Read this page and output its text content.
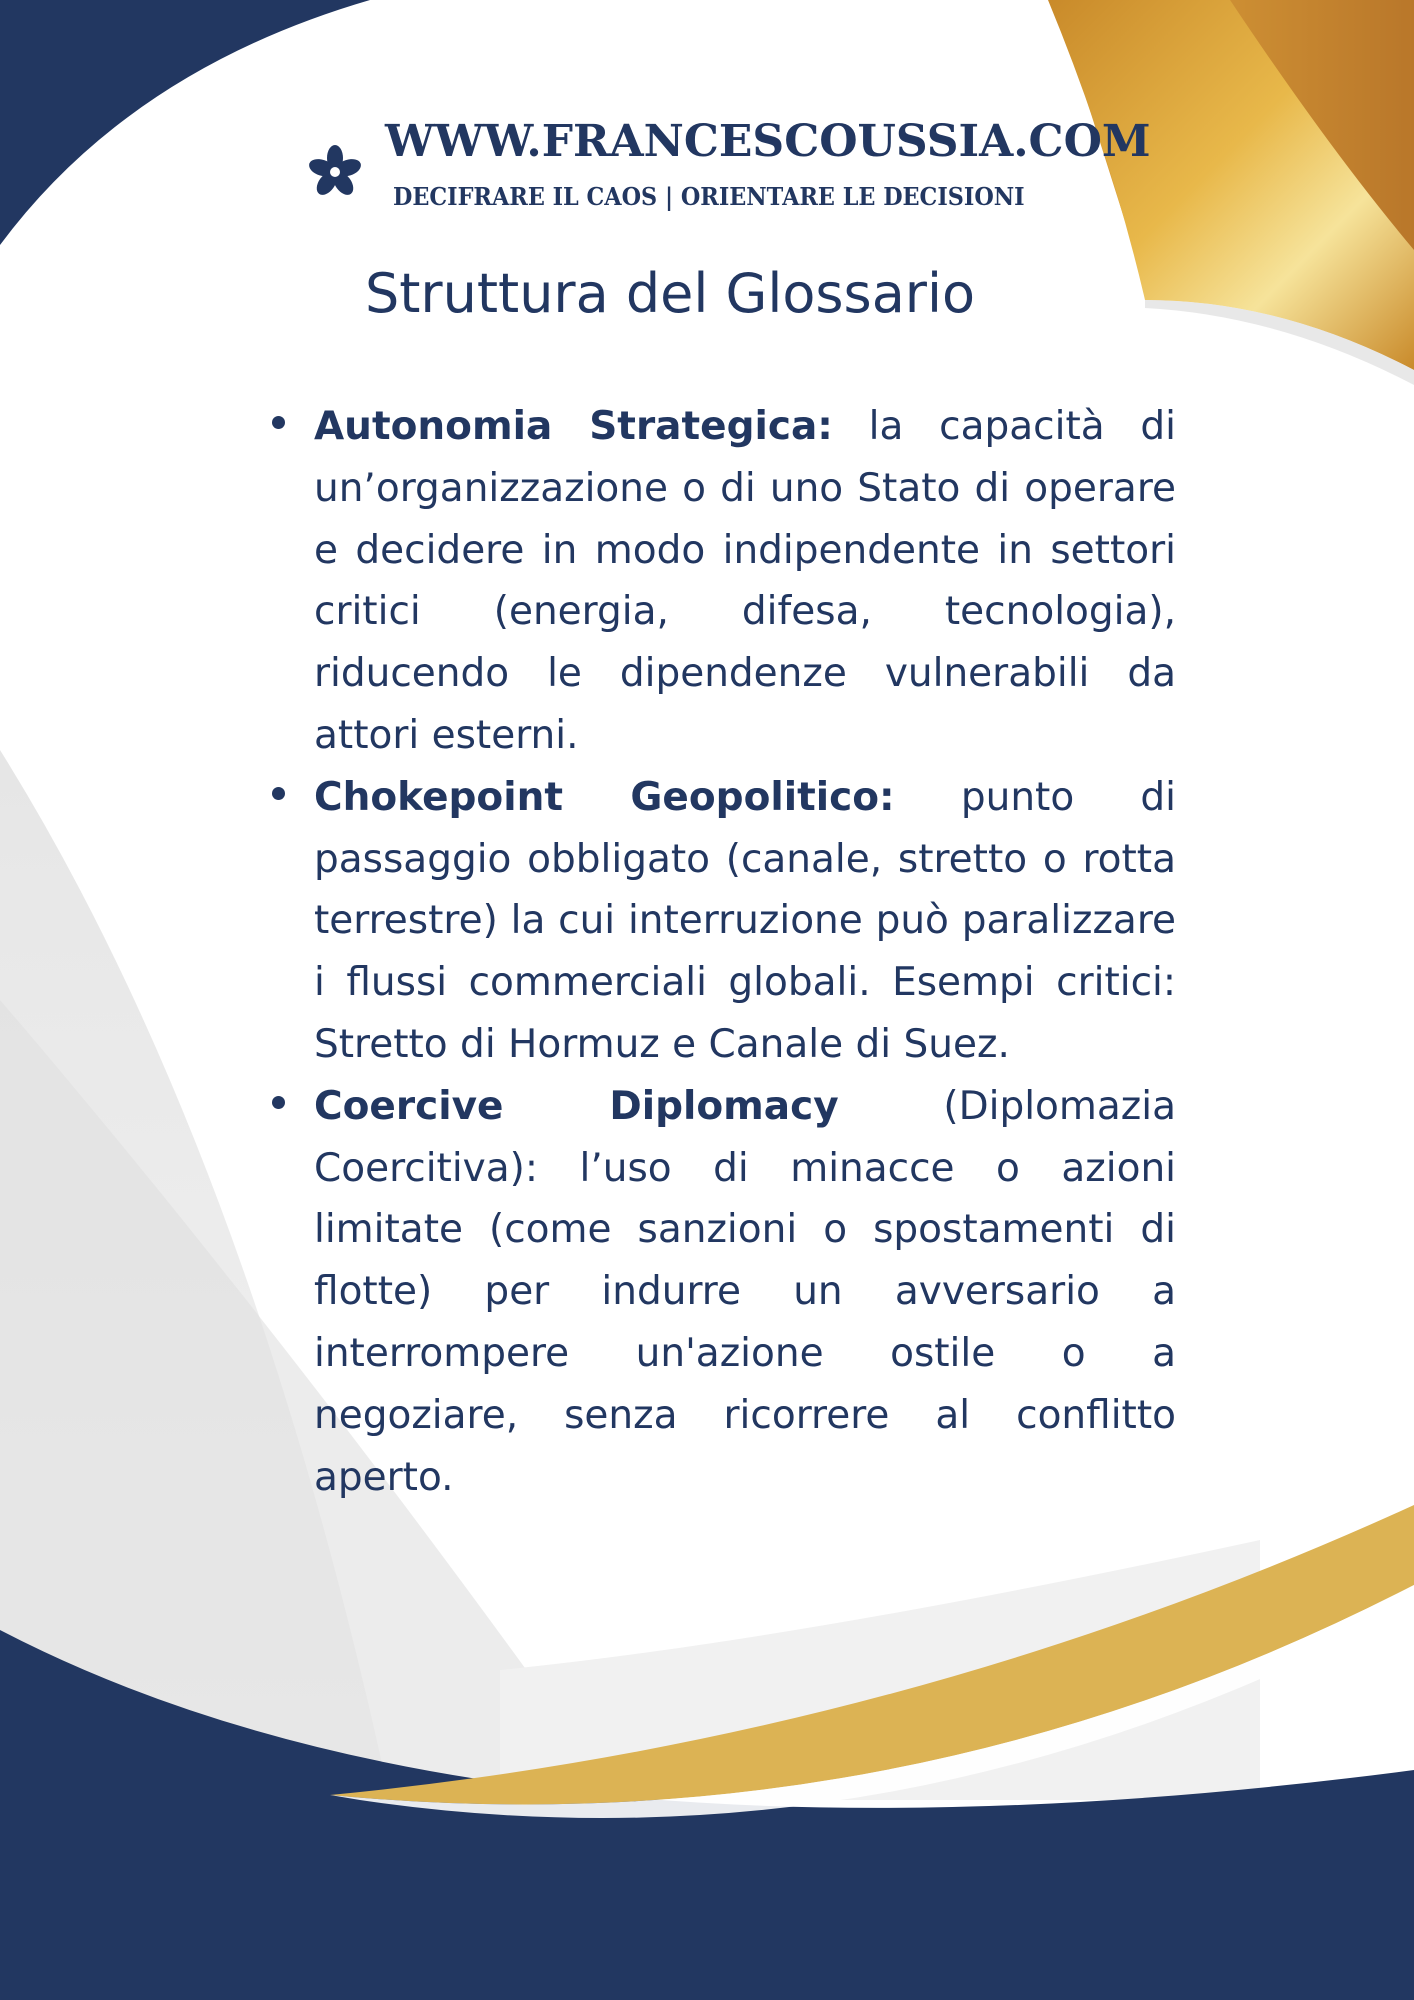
WWW.FRANCESCOUSSIA.COM
DECIFRARE IL CAOS | ORIENTARE LE DECISIONI
Struttura del Glossario
Autonomia Strategica: la capacità di un’organizzazione o di uno Stato di operare e decidere in modo indipendente in settori critici (energia, difesa, tecnologia), riducendo le dipendenze vulnerabili da attori esterni.
Chokepoint Geopolitico: punto di passaggio obbligato (canale, stretto o rotta terrestre) la cui interruzione può paralizzare i flussi commerciali globali. Esempi critici: Stretto di Hormuz e Canale di Suez.
Coercive Diplomacy	(Diplomazia Coercitiva): l’uso di minacce o azioni limitate (come sanzioni o spostamenti di flotte) per indurre un avversario a interrompere un'azione ostile o a negoziare, senza ricorrere al conflitto aperto.
